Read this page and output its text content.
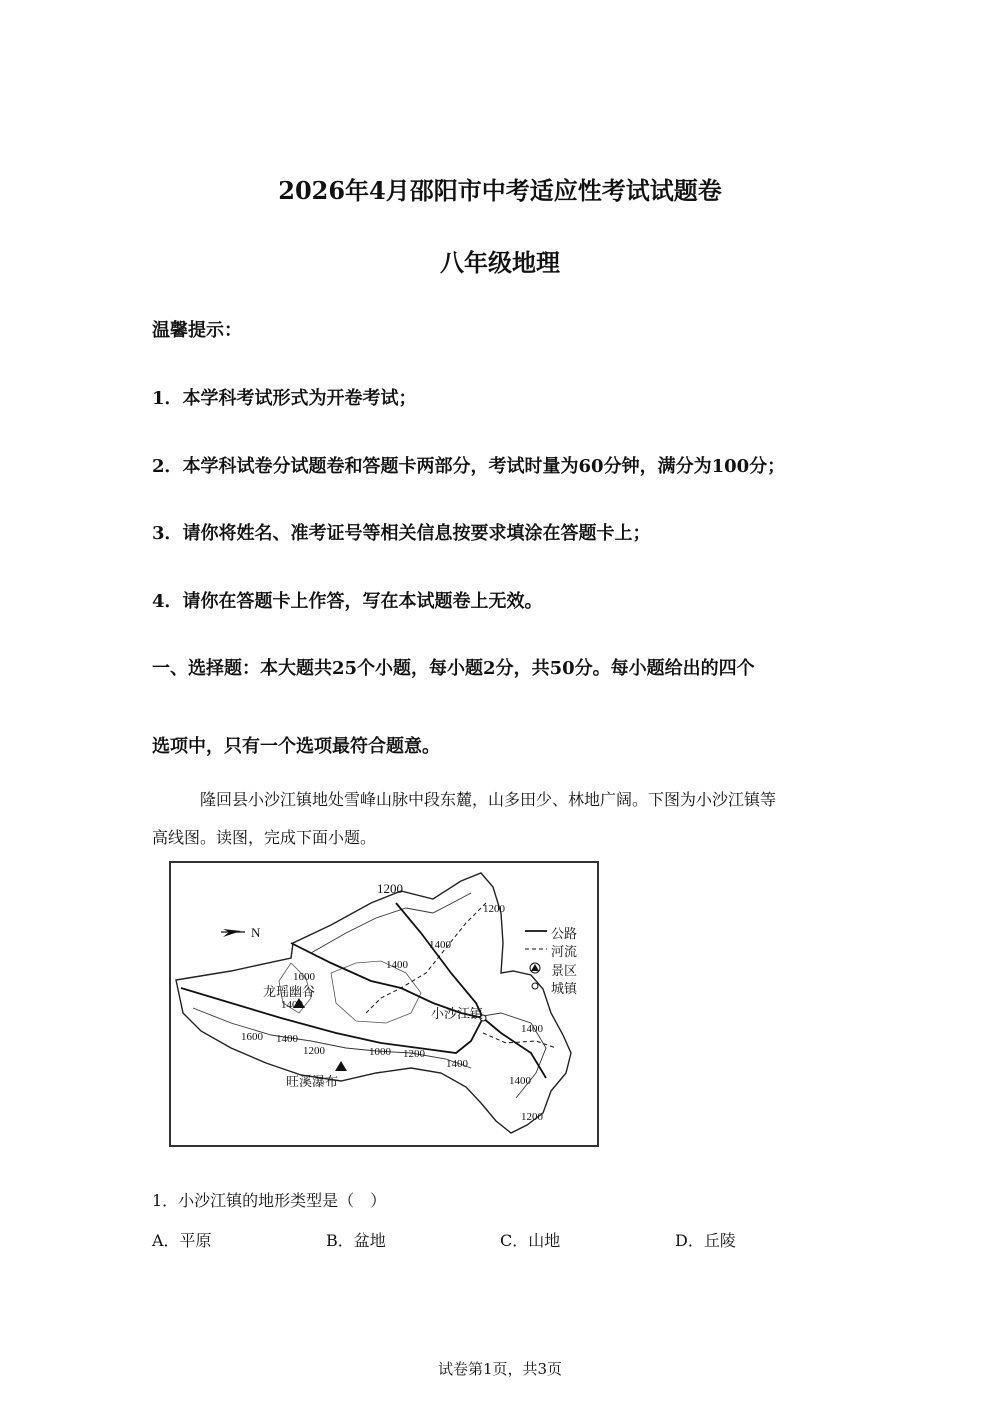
2026年4月邵阳市中考适应性考试试题卷
八年级地理
温馨提示：
1．本学科考试形式为开卷考试；
2．本学科试卷分试题卷和答题卡两部分，考试时量为60分钟，满分为100分；
3．请你将姓名、准考证号等相关信息按要求填涂在答题卡上；
4．请你在答题卡上作答，写在本试题卷上无效。
一、选择题：本大题共25个小题，每小题2分，共50分。每小题给出的四个
选项中，只有一个选项最符合题意。
隆回县小沙江镇地处雪峰山脉中段东麓，山多田少、林地广阔。下图为小沙江镇等
高线图。读图，完成下面小题。
N	公路
河流
景区
城镇
龙瑶幽谷
小沙江镇
旺溪瀑布
1200
1200
1400
1400
1600
1400
1600 1400
1200	1000 1200
1400
1400
1400
1200
1．小沙江镇的地形类型是（　）
A．平原	B．盆地	C．山地	D．丘陵
试卷第1页，共3页
